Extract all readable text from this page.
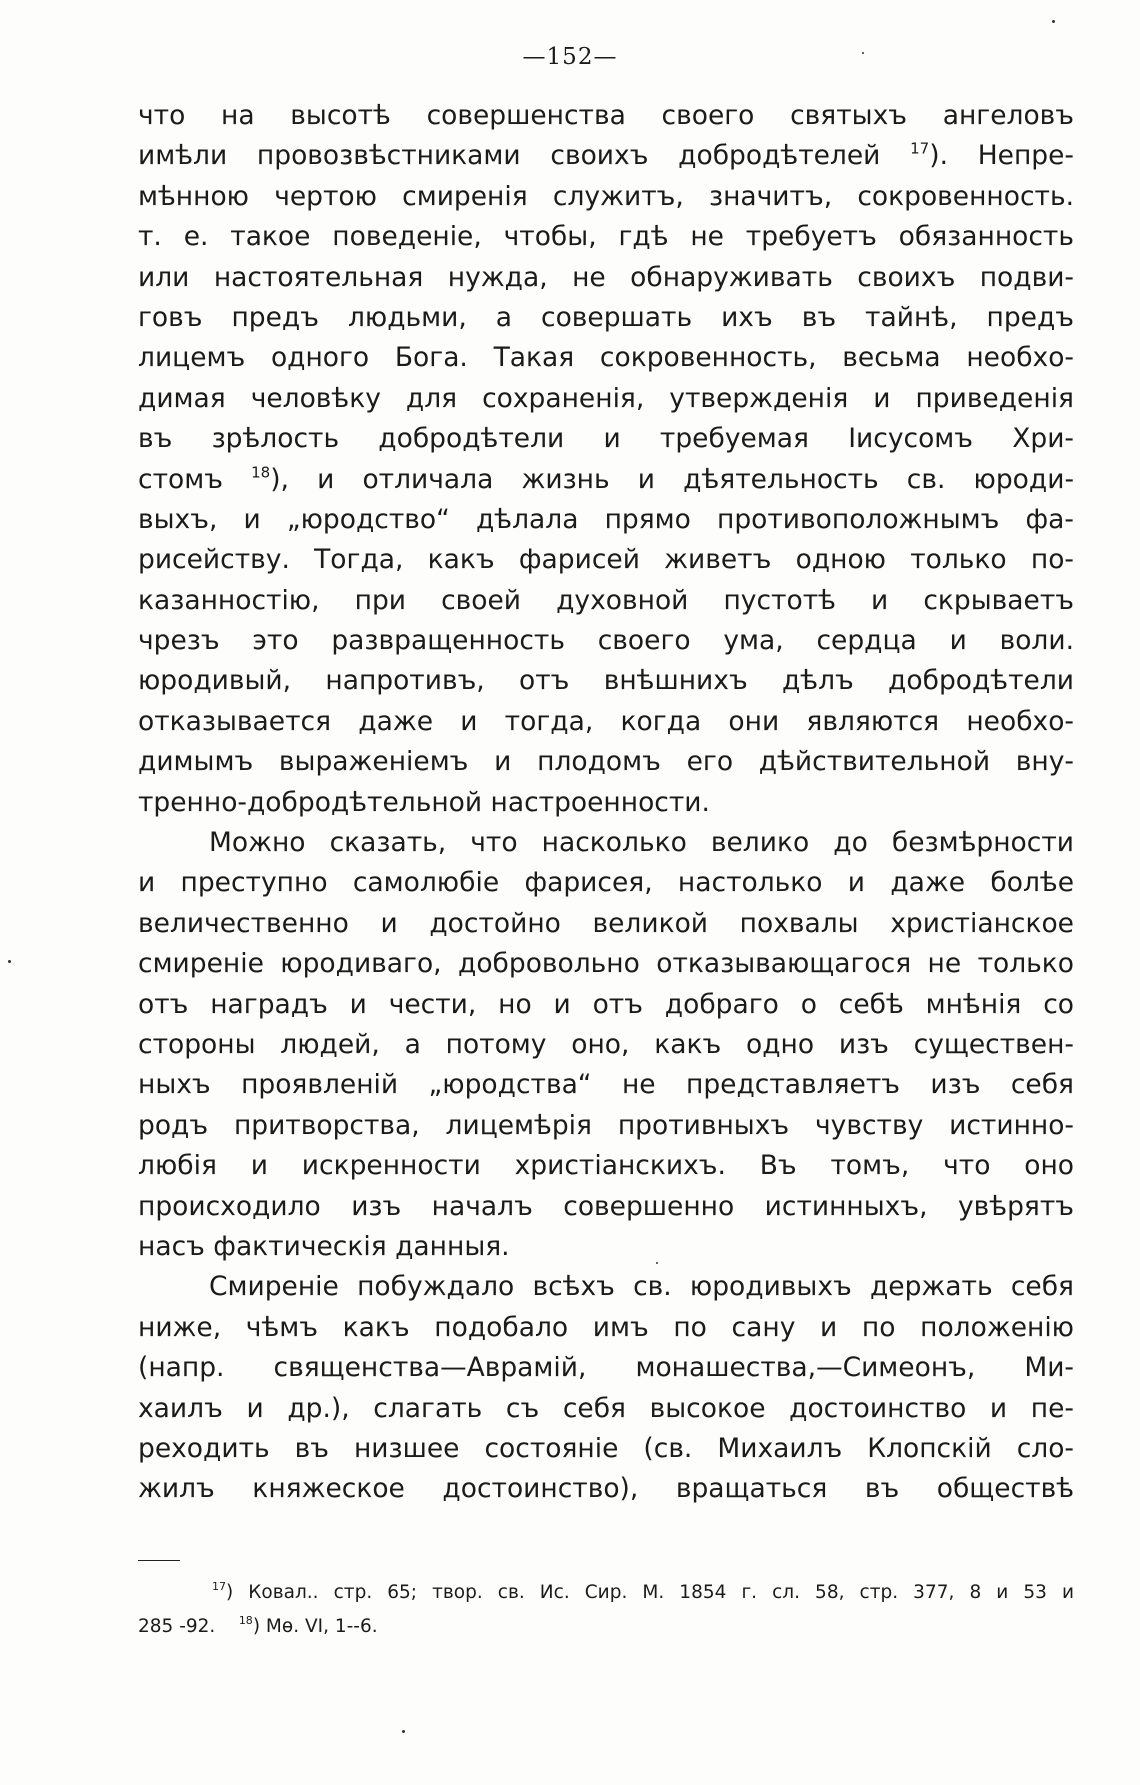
—152—
что на высотѣ совершенства своего святыхъ ангеловъ
имѣли провозвѣстниками своихъ добродѣтелей $^{17}$). Непре-
мѣнною чертою смиренія служитъ, значитъ, сокровенность.
т. е. такое поведеніе, чтобы, гдѣ не требуетъ обязанность
или настоятельная нужда, не обнаруживать своихъ подви-
говъ предъ людьми, а совершать ихъ въ тайнѣ, предъ
лицемъ одного Бога. Такая сокровенность, весьма необхо-
димая человѣку для сохраненія, утвержденія и приведенія
въ зрѣлость добродѣтели и требуемая Іисусомъ Хри-
стомъ $^{18}$), и отличала жизнь и дѣятельность св. юроди-
выхъ, и „юродство“ дѣлала прямо противоположнымъ фа-
рисейству. Тогда, какъ фарисей живетъ одною только по-
казанностію, при своей духовной пустотѣ и скрываетъ
чрезъ это развращенность своего ума, сердца и воли.
юродивый, напротивъ, отъ внѣшнихъ дѣлъ добродѣтели
отказывается даже и тогда, когда они являются необхо-
димымъ выраженіемъ и плодомъ его дѣйствительной вну-
тренно-добродѣтельной настроенности.
Можно сказать, что насколько велико до безмѣрности
и преступно самолюбіе фарисея, настолько и даже болѣе
величественно и достойно великой похвалы христіанское
смиреніе юродиваго, добровольно отказывающагося не только
отъ наградъ и чести, но и отъ добраго о себѣ мнѣнія со
стороны людей, а потому оно, какъ одно изъ существен-
ныхъ проявленій „юродства“ не представляетъ изъ себя
родъ притворства, лицемѣрія противныхъ чувству истинно-
любія и искренности христіанскихъ. Въ томъ, что оно
происходило изъ началъ совершенно истинныхъ, увѣрятъ
насъ фактическія данныя.
Смиреніе побуждало всѣхъ св. юродивыхъ держать себя
ниже, чѣмъ какъ подобало имъ по сану и по положенію
(напр. священства—Аврамій, монашества,—Симеонъ, Ми-
хаилъ и др.), слагать съ себя высокое достоинство и пе-
реходить въ низшее состояніе (св. Михаилъ Клопскій сло-
жилъ княжеское достоинство), вращаться въ обществѣ
$^{17}$) Ковал.. стр. 65; твор. св. Ис. Сир. М. 1854 г. сл. 58, стр. 377, 8 и 53 и
285 -92.    $^{18}$) Мѳ. VI, 1--6.
